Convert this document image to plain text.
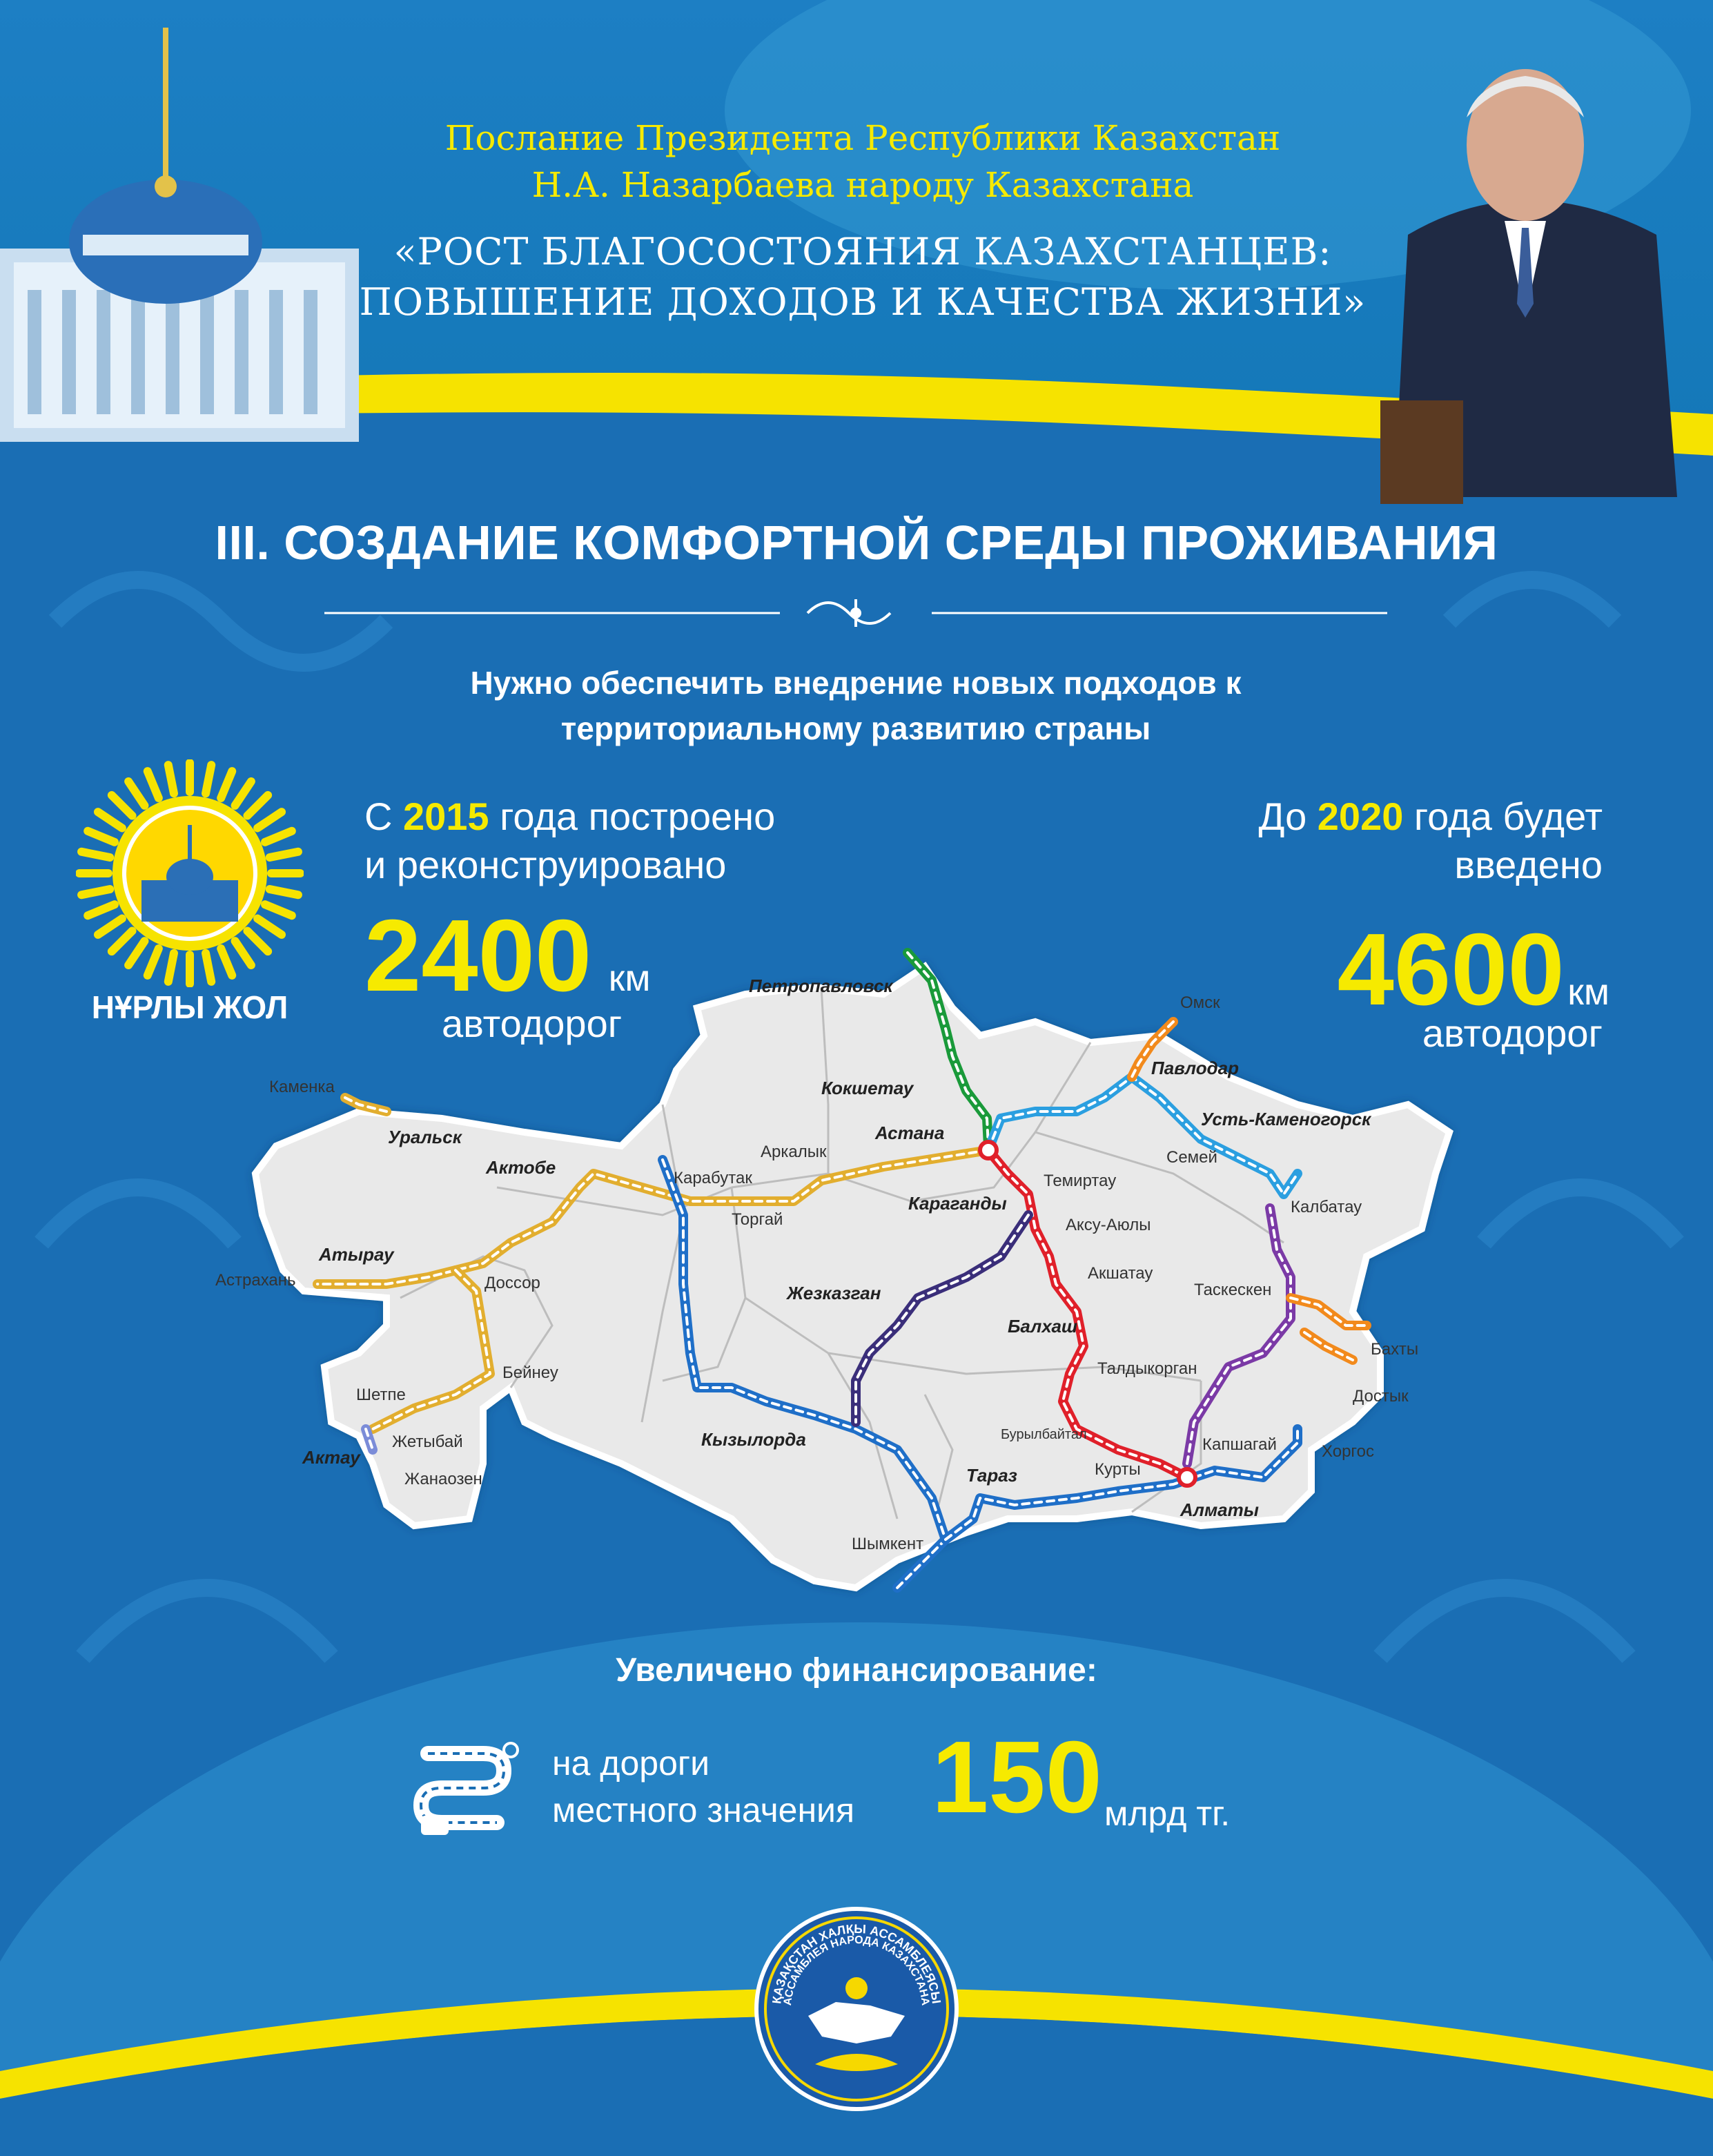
Послание Президента Республики Казахстан
Н.А. Назарбаева народу Казахстана
«РОСТ БЛАГОСОСТОЯНИЯ КАЗАХСТАНЦЕВ:
ПОВЫШЕНИЕ ДОХОДОВ И КАЧЕСТВА ЖИЗНИ»
III. СОЗДАНИЕ КОМФОРТНОЙ СРЕДЫ ПРОЖИВАНИЯ
Нужно обеспечить внедрение новых подходов к
территориальному развитию страны
НҰРЛЫ ЖОЛ
С 2015 года построено
и реконструировано
2400 км
автодорог
До 2020 года будет
введено
4600 км
автодорог
Петропавловск
Кокшетау
Астана
Омск
Павлодар
Усть-Каменогорск
Семей
Калбатау
Таскескен
Бахты
Достык
Хоргос
Капшагай
Талдыкорган
Алматы
Курты
Бурылбайтал
Балхаш
Акшатау
Аксу-Аюлы
Темиртау
Караганды
Аркалык
Торгай
Карабутак
Актобе
Уральск
Каменка
Атырау
Астрахань	Доссор
Бейнеу
Шетпе
Жетыбай
Актау
Жанаозен
Жезказган
Кызылорда
Шымкент
Тараз
Увеличено финансирование:
на дороги
местного значения 150 млрд тг.
ҚАЗАҚСТАН ХАЛҚЫ АССАМБЛЕЯСЫ
АССАМБЛЕЯ НАРОДА КАЗАХСТАНА
